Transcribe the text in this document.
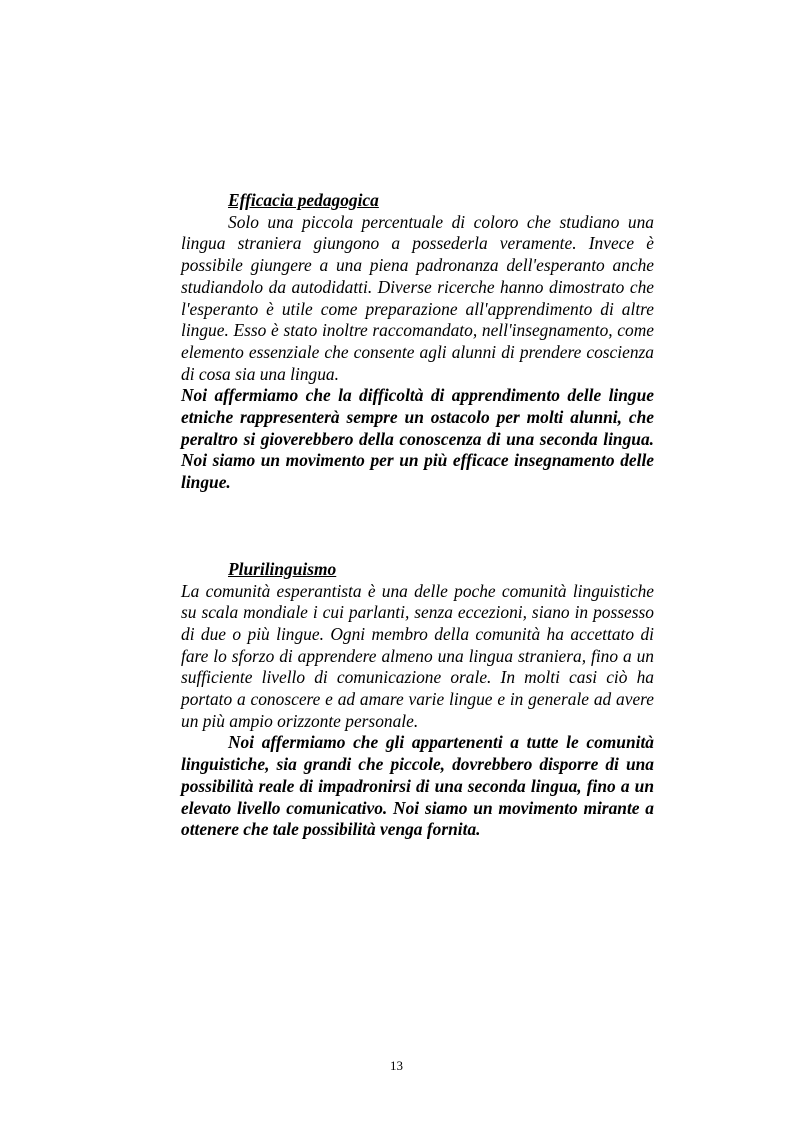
Efficacia pedagogica

Solo una piccola percentuale di coloro che studiano una lingua straniera giungono a possederla veramente. Invece è possibile giungere a una piena padronanza dell'esperanto anche studiandolo da autodidatti. Diverse ricerche hanno dimostrato che l'esperanto è utile come preparazione all'apprendimento di altre lingue. Esso è stato inoltre raccomandato, nell'insegnamento, come elemento essenziale che consente agli alunni di prendere coscienza di cosa sia una lingua.

Noi affermiamo che la difficoltà di apprendimento delle lingue etniche rappresenterà sempre un ostacolo per molti alunni, che peraltro si gioverebbero della conoscenza di una seconda lingua. Noi siamo un movimento per un più efficace insegnamento delle lingue.

Plurilinguismo

La comunità esperantista è una delle poche comunità linguistiche su scala mondiale i cui parlanti, senza eccezioni, siano in possesso di due o più lingue. Ogni membro della comunità ha accettato di fare lo sforzo di apprendere almeno una lingua straniera, fino a un sufficiente livello di comunicazione orale. In molti casi ciò ha portato a conoscere e ad amare varie lingue e in generale ad avere un più ampio orizzonte personale.

Noi affermiamo che gli appartenenti a tutte le comunità linguistiche, sia grandi che piccole, dovrebbero disporre di una possibilità reale di impadronirsi di una seconda lingua, fino a un elevato livello comunicativo. Noi siamo un movimento mirante a ottenere che tale possibilità venga fornita.

13
